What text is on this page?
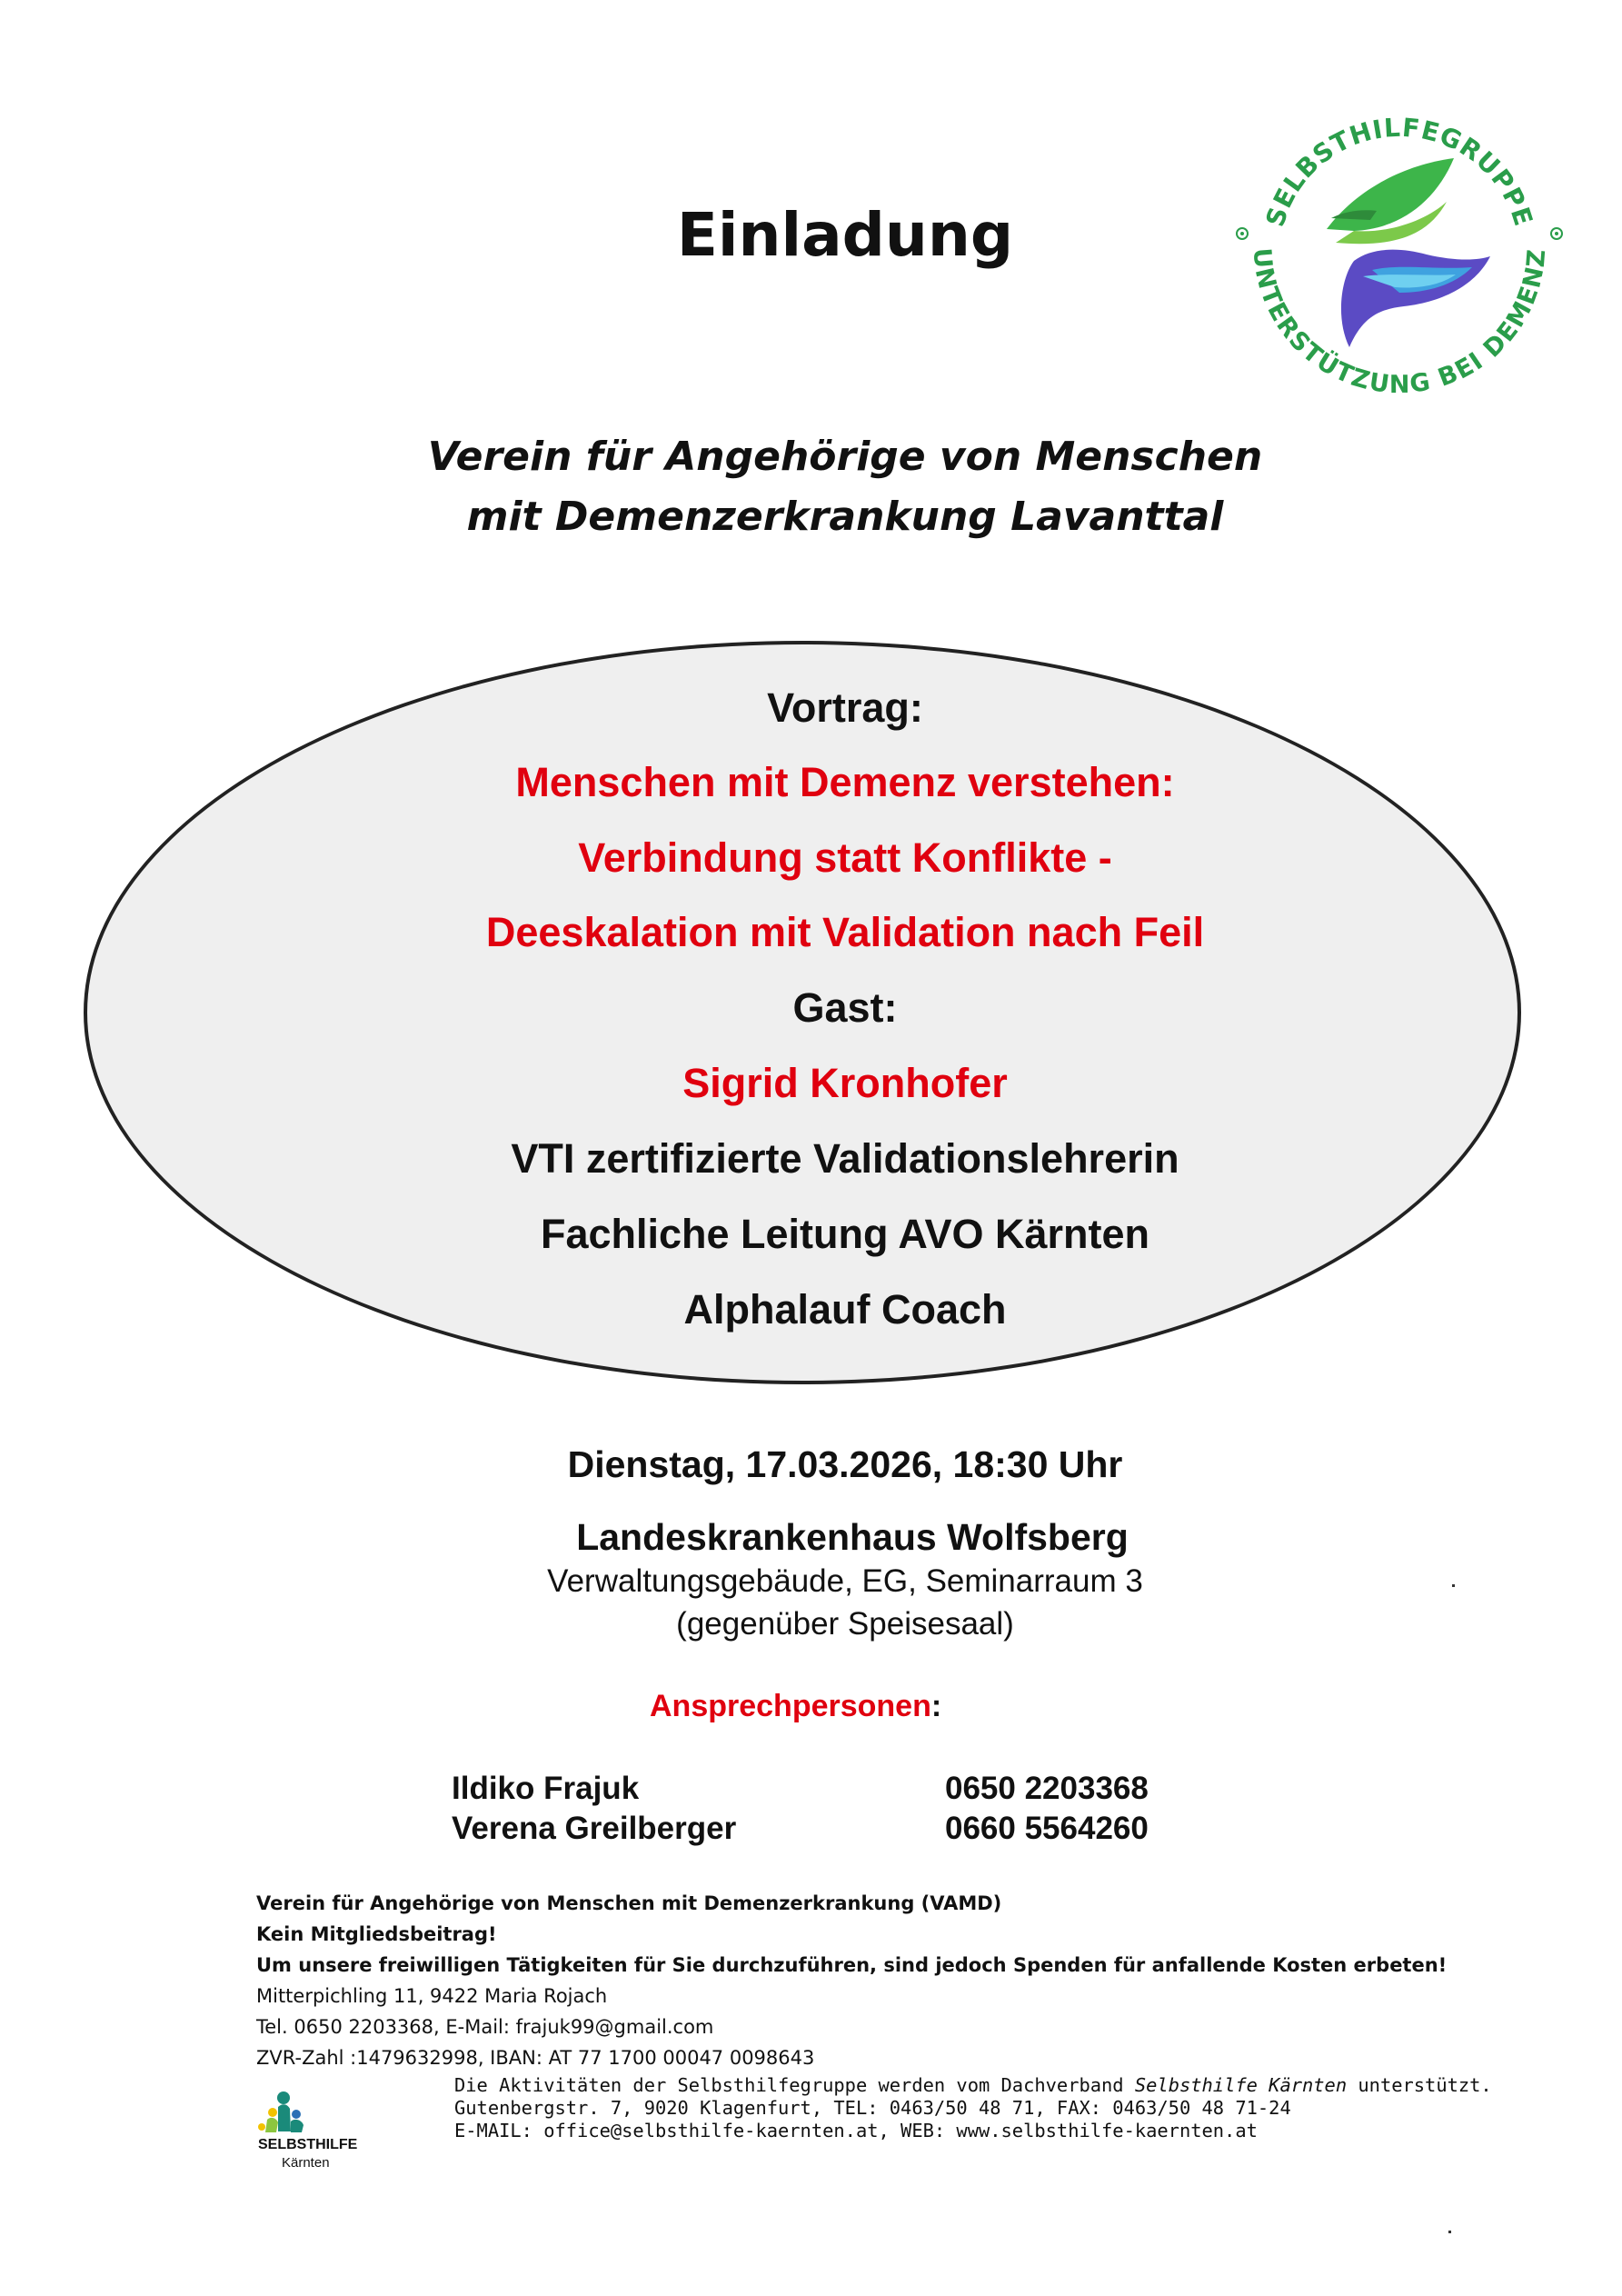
Einladung
Verein für Angehörige von Menschen
mit Demenzerkrankung Lavanttal
SELBSTHILFEGRUPPE
UNTERSTÜTZUNG BEI DEMENZ
Vortrag:
Menschen mit Demenz verstehen:
Verbindung statt Konflikte -
Deeskalation mit Validation nach Feil
Gast:
Sigrid Kronhofer
VTI zertifizierte Validationslehrerin
Fachliche Leitung AVO Kärnten
Alphalauf Coach
Dienstag, 17.03.2026, 18:30 Uhr
Landeskrankenhaus Wolfsberg
Verwaltungsgebäude, EG, Seminarraum 3
(gegenüber Speisesaal)
Ansprechpersonen:
Ildiko Frajuk	0650 2203368
Verena Greilberger	0660 5564260
Verein für Angehörige von Menschen mit Demenzerkrankung (VAMD)
Kein Mitgliedsbeitrag!
Um unsere freiwilligen Tätigkeiten für Sie durchzuführen, sind jedoch Spenden für anfallende Kosten erbeten!
Mitterpichling 11, 9422 Maria Rojach
Tel. 0650 2203368, E-Mail: frajuk99@gmail.com
ZVR-Zahl :1479632998, IBAN: AT 77 1700 00047 0098643
SELBSTHILFE
Kärnten
Die Aktivitäten der Selbsthilfegruppe werden vom Dachverband Selbsthilfe Kärnten unterstützt.
Gutenbergstr. 7, 9020 Klagenfurt, TEL: 0463/50 48 71, FAX: 0463/50 48 71-24
E-MAIL: office@selbsthilfe-kaernten.at, WEB: www.selbsthilfe-kaernten.at
